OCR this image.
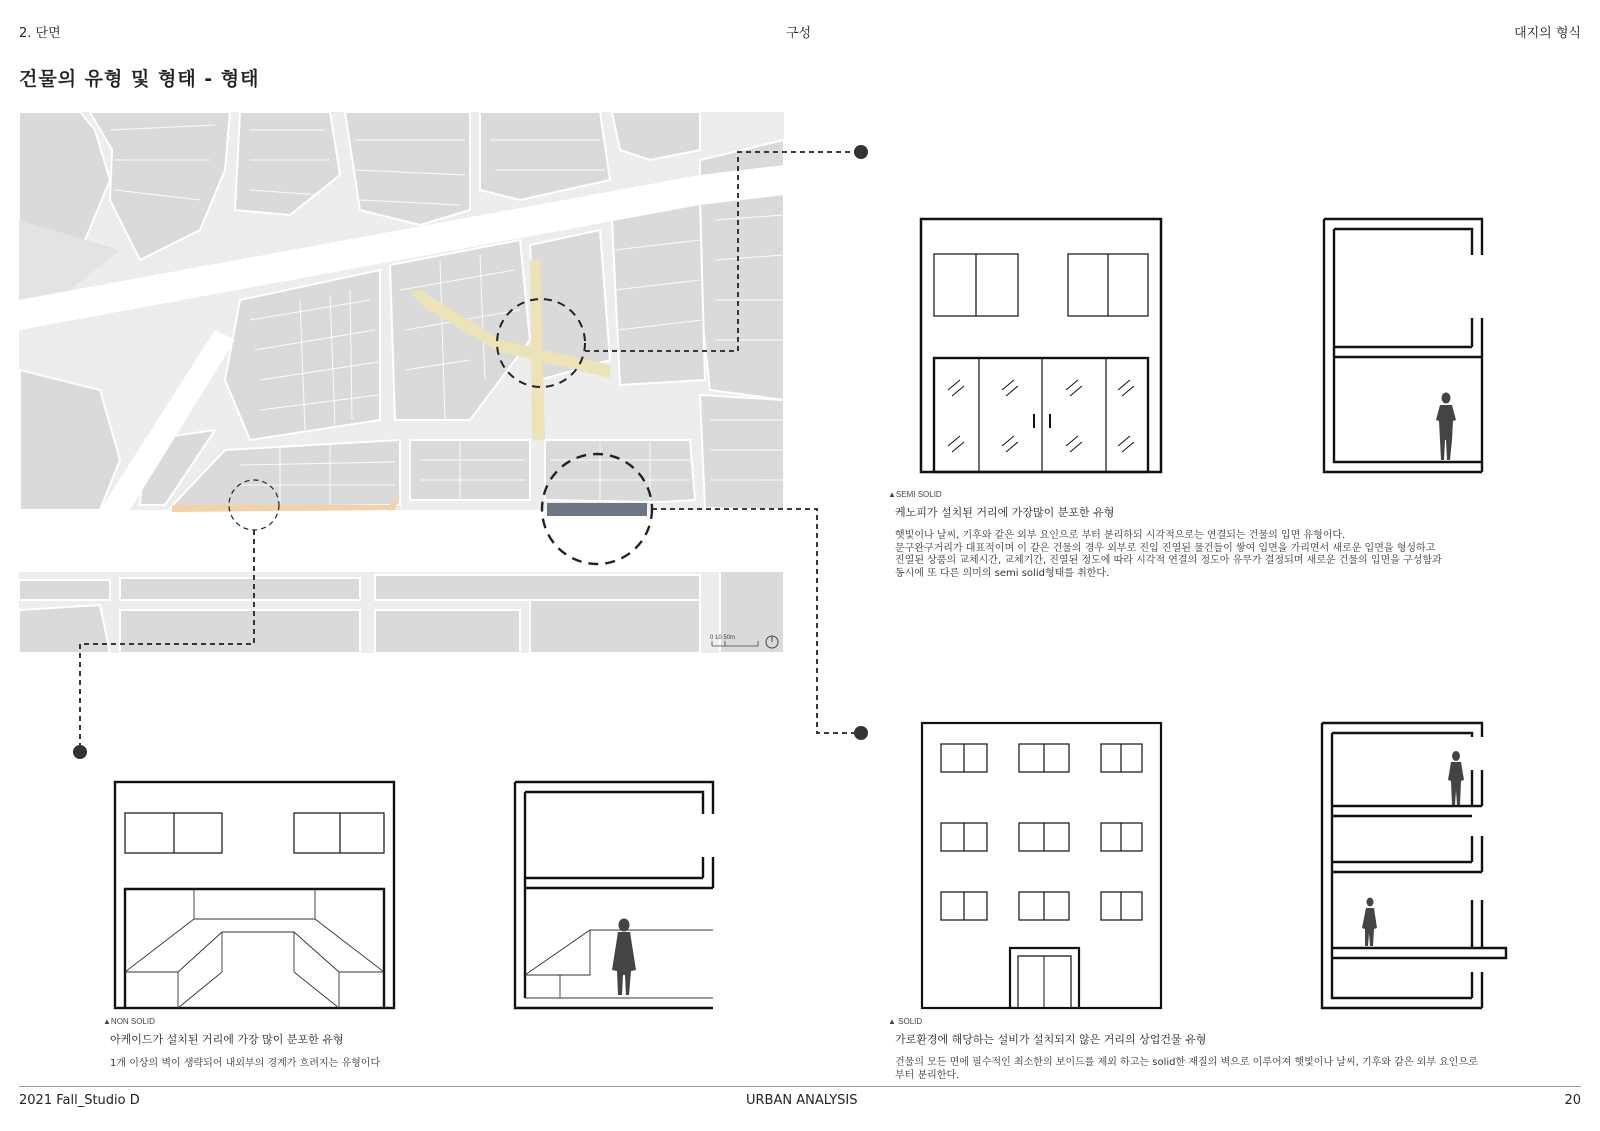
2. 단면	구성	대지의 형식
건물의 유형 및 형태 - 형태
0 10 50m
▲SEMI SOLID
케노피가 설치된 거리에 가장많이 분포한 유형
햇빛이나 날씨, 기후와 같은 외부 요인으로 부터 분리하되 시각적으로는 연결되는 건물의 입면 유형이다.
문구완구거리가 대표적이며 이 같은 건물의 경우 외부로 진입 진열된 물건들이 쌓여 입면을 가리면서 새로운 입면을 형성하고
진열된 상품의 교체시간, 교체기간, 진열된 정도에 따라 시각적 연결의 정도아 유무가 결정되며 새로운 건물의 입면을 구성함과
동시에 또 다른 의미의 semi solid형태를 취한다.
▲NON SOLID
아케이드가 설치된 거리에 가장 많이 분포한 유형
1개 이상의 벽이 생략되어 내외부의 경계가 흐려지는 유형이다
▲ SOLID
가로환경에 해당하는 설비가 설치되지 않은 거리의 상업건물 유형
건물의 모든 면에 필수적인 최소한의 보이드를 제외 하고는 solid한 재질의 벽으로 이루어져 햇빛이나 날씨, 기후와 같은 외부 요인으로
부터 분리한다.
2021 Fall_Studio D	URBAN ANALYSIS	20
